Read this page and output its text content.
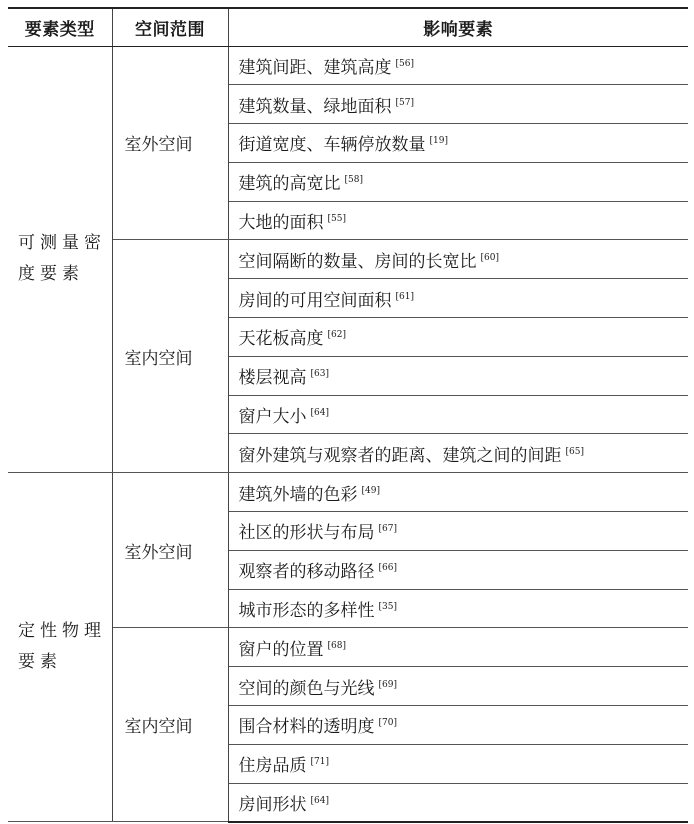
要素类型	空间范围	影响要素
可测量密度要素	室外空间	建筑间距、建筑高度 [56]
		建筑数量、绿地面积 [57]
		街道宽度、车辆停放数量 [19]
		建筑的高宽比 [58]
		大地的面积 [55]
	室内空间	空间隔断的数量、房间的长宽比 [60]
		房间的可用空间面积 [61]
		天花板高度 [62]
		楼层视高 [63]
		窗户大小 [64]
		窗外建筑与观察者的距离、建筑之间的间距 [65]
定性物理要素	室外空间	建筑外墙的色彩 [49]
		社区的形状与布局 [67]
		观察者的移动路径 [66]
		城市形态的多样性 [35]
	室内空间	窗户的位置 [68]
		空间的颜色与光线 [69]
		围合材料的透明度 [70]
		住房品质 [71]
		房间形状 [64]
